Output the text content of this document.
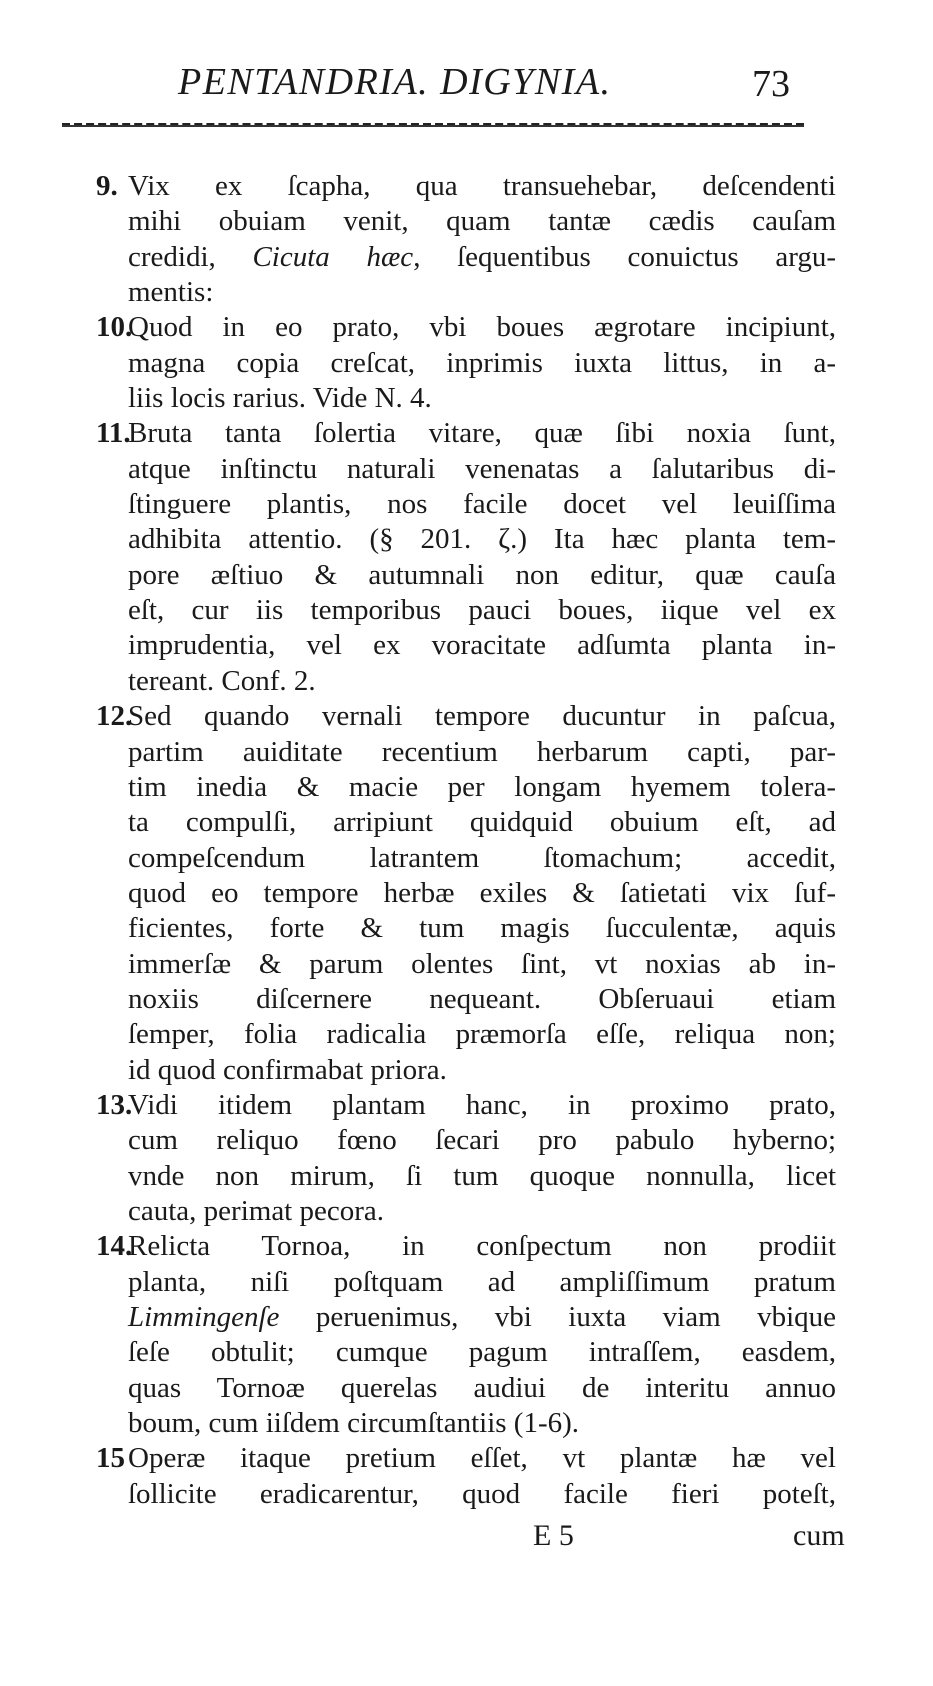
PENTANDRIA. DIGYNIA.	73
9. Vix ex ſcapha, qua transuehebar, deſcendenti
mihi obuiam venit, quam tantæ cædis cauſam
credidi, Cicuta hæc, ſequentibus conuictus argu-
mentis:
10.
Quod in eo prato, vbi boues ægrotare incipiunt,
magna copia creſcat, inprimis iuxta littus, in a-
liis locis rarius. Vide N. 4.
11.
Bruta tanta ſolertia vitare, quæ ſibi noxia ſunt,
atque inſtinctu naturali venenatas a ſalutaribus di-
ſtinguere plantis, nos facile docet vel leuiſſima
adhibita attentio. (§ 201. ζ.) Ita hæc planta tem-
pore æſtiuo & autumnali non editur, quæ cauſa
eſt, cur iis temporibus pauci boues, iique vel ex
imprudentia, vel ex voracitate adſumta planta in-
tereant. Conf. 2.
12.
Sed quando vernali tempore ducuntur in paſcua,
partim auiditate recentium herbarum capti, par-
tim inedia & macie per longam hyemem tolera-
ta compulſi, arripiunt quidquid obuium eſt, ad
compeſcendum latrantem ſtomachum; accedit,
quod eo tempore herbæ exiles & ſatietati vix ſuf-
ficientes, forte & tum magis ſucculentæ, aquis
immerſæ & parum olentes ſint, vt noxias ab in-
noxiis diſcernere nequeant. Obſeruaui etiam
ſemper, folia radicalia præmorſa eſſe, reliqua non;
id quod confirmabat priora.
13.
Vidi itidem plantam hanc, in proximo prato,
cum reliquo fœno ſecari pro pabulo hyberno;
vnde non mirum, ſi tum quoque nonnulla, licet
cauta, perimat pecora.
14.
Relicta Tornoa, in conſpectum non prodiit
planta, niſi poſtquam ad ampliſſimum pratum
Limmingenſe peruenimus, vbi iuxta viam vbique
ſeſe obtulit; cumque pagum intraſſem, easdem,
quas Tornoæ querelas audiui de interitu annuo
boum, cum iiſdem circumſtantiis (1-6).
15 Operæ itaque pretium eſſet, vt plantæ hæ vel
ſollicite eradicarentur, quod facile fieri poteſt,
E 5	cum
